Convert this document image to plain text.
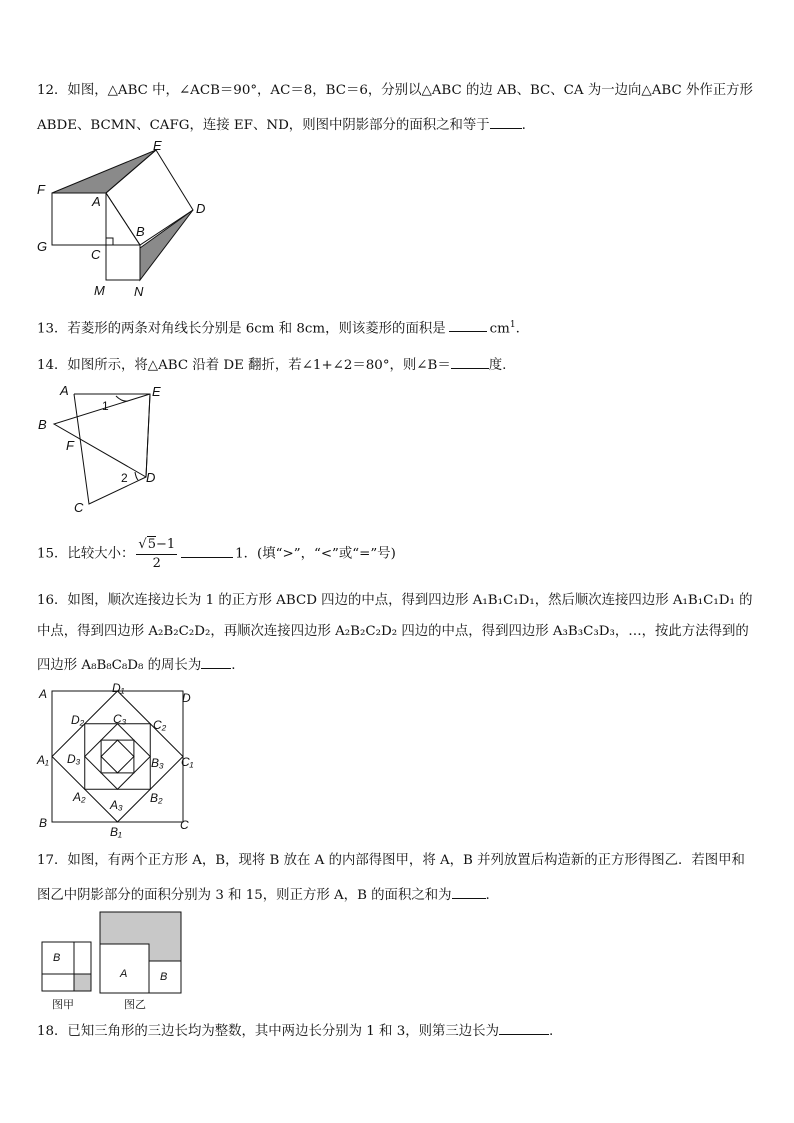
12．如图，△ABC 中，∠ACB＝90°，AC＝8，BC＝6，分别以△ABC 的边 AB、BC、CA 为一边向△ABC 外作正方形
ABDE、BCMN、CAFG，连接 EF、ND，则图中阴影部分的面积之和等于 .
E
F
A	D
B
G
C
M N
13．若菱形的两条对角线长分别是 6cm 和 8cm，则该菱形的面积是	$cm^1$.
14．如图所示，将△ABC 沿着 DE 翻折，若∠1+∠2＝80°，则∠B＝	度.
A	E
B
F
D
C
1
2
15．比较大小： $\frac{√5-1}{2}$	1．(填“>”，“<”或“=”号)
16．如图，顺次连接边长为 1 的正方形 ABCD 四边的中点，得到四边形 A₁B₁C₁D₁，然后顺次连接四边形 A₁B₁C₁D₁ 的
中点，得到四边形 A₂B₂C₂D₂，再顺次连接四边形 A₂B₂C₂D₂ 四边的中点，得到四边形 A₃B₃C₃D₃，…，按此方法得到的
四边形 A₈B₈C₈D₈ 的周长为 .
A	D
B	C
D₁
A₁	C₁
B₁
D₂	C₂
A₂	B₂
C₃
D₃	B₃
A₃
17．如图，有两个正方形 A，B，现将 B 放在 A 的内部得图甲，将 A，B 并列放置后构造新的正方形得图乙．若图甲和
图乙中阴影部分的面积分别为 3 和 15，则正方形 A，B 的面积之和为	.
B
A	B
图甲	图乙
18．已知三角形的三边长均为整数，其中两边长分别为 1 和 3，则第三边长为	.
